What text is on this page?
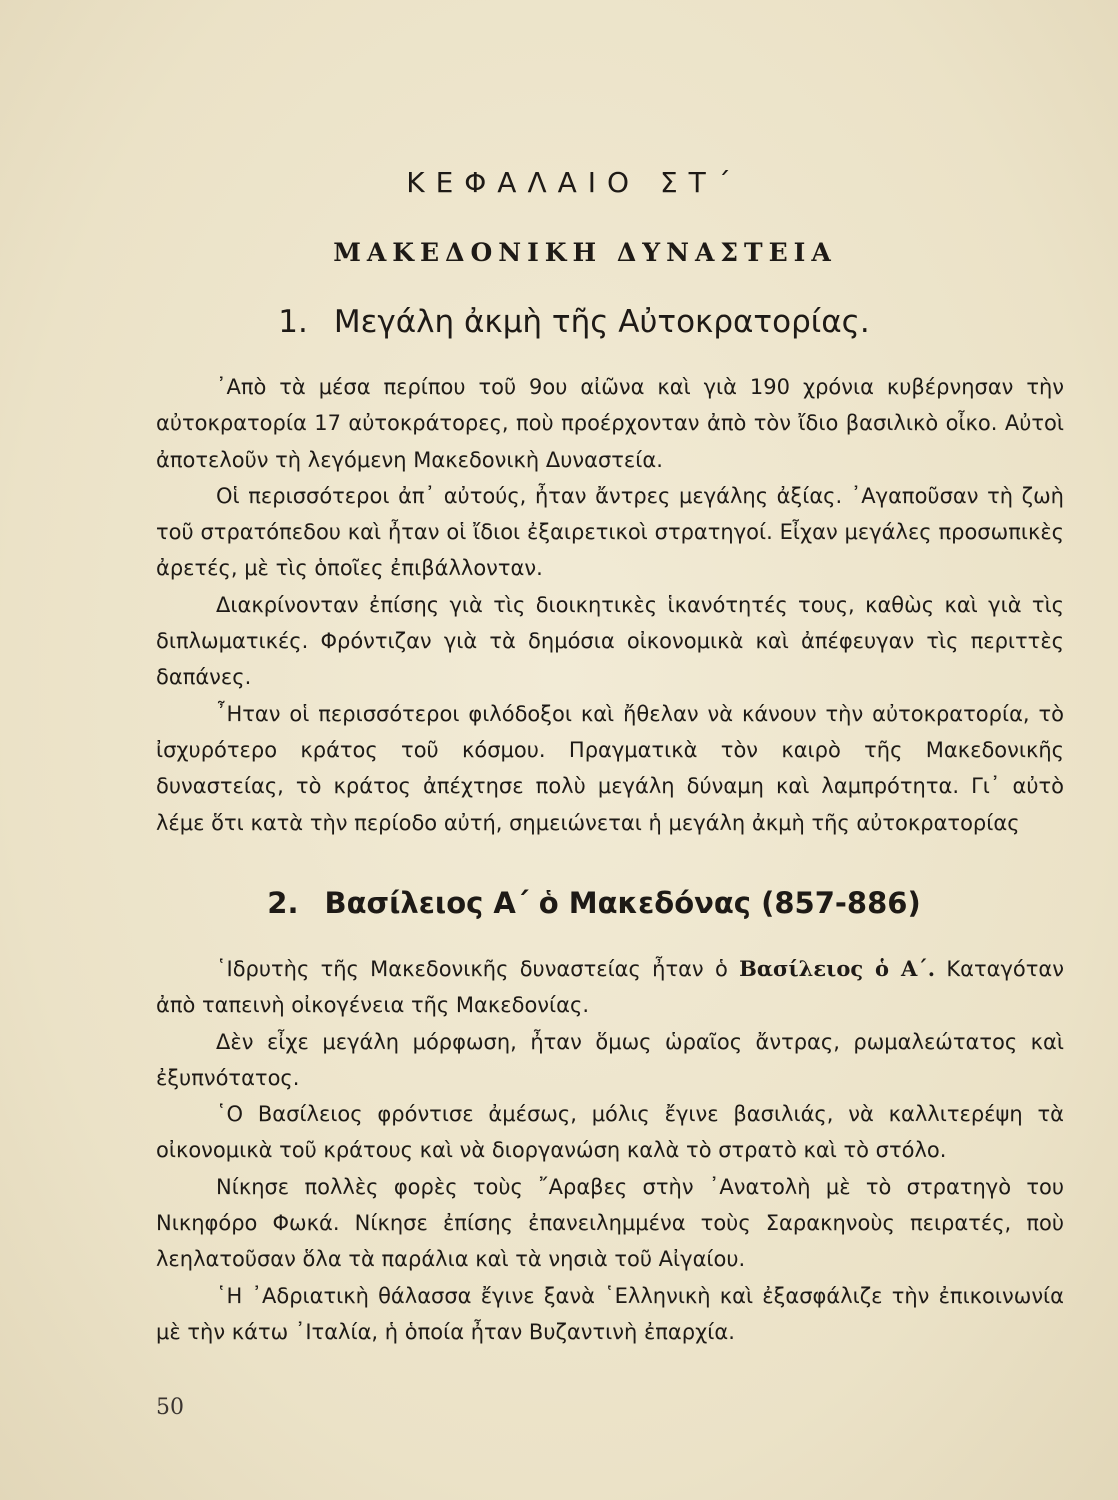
ΚΕΦΑΛΑΙΟ ΣΤ΄
ΜΑΚΕΔΟΝΙΚΗ ΔΥΝΑΣΤΕΙΑ
1. Μεγάλη ἀκμὴ τῆς Αὐτοκρατορίας.

᾿Απὸ τὰ μέσα περίπου τοῦ 9ου αἰῶνα καὶ γιὰ 190 χρόνια κυβέρνησαν τὴν αὐτοκρατορία 17 αὐτοκράτορες, ποὺ προέρχονταν ἀπὸ τὸν ἴδιο βασιλικὸ οἶκο. Αὐτοὶ ἀποτελοῦν τὴ λεγόμενη Μακεδονικὴ Δυναστεία.

Οἱ περισσότεροι ἀπ᾿ αὐτούς, ἦταν ἄντρες μεγάλης ἀξίας. ᾿Αγαποῦσαν τὴ ζωὴ τοῦ στρατόπεδου καὶ ἦταν οἱ ἴδιοι ἐξαιρετικοὶ στρατηγοί. Εἶχαν μεγάλες προσωπικὲς ἀρετές, μὲ τὶς ὁποῖες ἐπιβάλλονταν.

Διακρίνονταν ἐπίσης γιὰ τὶς διοικητικὲς ἱκανότητές τους, καθὼς καὶ γιὰ τὶς διπλωματικές. Φρόντιζαν γιὰ τὰ δημόσια οἰκονομικὰ καὶ ἀπέφευγαν τὶς περιττὲς δαπάνες.

῏Ηταν οἱ περισσότεροι φιλόδοξοι καὶ ἤθελαν νὰ κάνουν τὴν αὐτοκρατορία, τὸ ἰσχυρότερο κράτος τοῦ κόσμου. Πραγματικὰ τὸν καιρὸ τῆς Μακεδονικῆς δυναστείας, τὸ κράτος ἀπέχτησε πολὺ μεγάλη δύναμη καὶ λαμπρότητα. Γι᾿ αὐτὸ λέμε ὅτι κατὰ τὴν περίοδο αὐτή, σημειώνεται ἡ μεγάλη ἀκμὴ τῆς αὐτοκρατορίας

2. Βασίλειος Α΄ ὁ Μακεδόνας (857-886)

῾Ιδρυτὴς τῆς Μακεδονικῆς δυναστείας ἦταν ὁ Βασίλειος ὁ Α΄. Καταγόταν ἀπὸ ταπεινὴ οἰκογένεια τῆς Μακεδονίας.

Δὲν εἶχε μεγάλη μόρφωση, ἦταν ὅμως ὡραῖος ἄντρας, ρωμαλεώτατος καὶ ἐξυπνότατος.

῾Ο Βασίλειος φρόντισε ἀμέσως, μόλις ἔγινε βασιλιάς, νὰ καλλιτερέψη τὰ οἰκονομικὰ τοῦ κράτους καὶ νὰ διοργανώση καλὰ τὸ στρατὸ καὶ τὸ στόλο.

Νίκησε πολλὲς φορὲς τοὺς ῎Αραβες στὴν ᾿Ανατολὴ μὲ τὸ στρατηγὸ του Νικηφόρο Φωκά. Νίκησε ἐπίσης ἐπανειλημμένα τοὺς Σαρακηνοὺς πειρατές, ποὺ λεηλατοῦσαν ὅλα τὰ παράλια καὶ τὰ νησιὰ τοῦ Αἰγαίου.

῾Η ᾿Αδριατικὴ θάλασσα ἔγινε ξανὰ ῾Ελληνικὴ καὶ ἐξασφάλιζε τὴν ἐπικοινωνία μὲ τὴν κάτω ᾿Ιταλία, ἡ ὁποία ἦταν Βυζαντινὴ ἐπαρχία.

50
